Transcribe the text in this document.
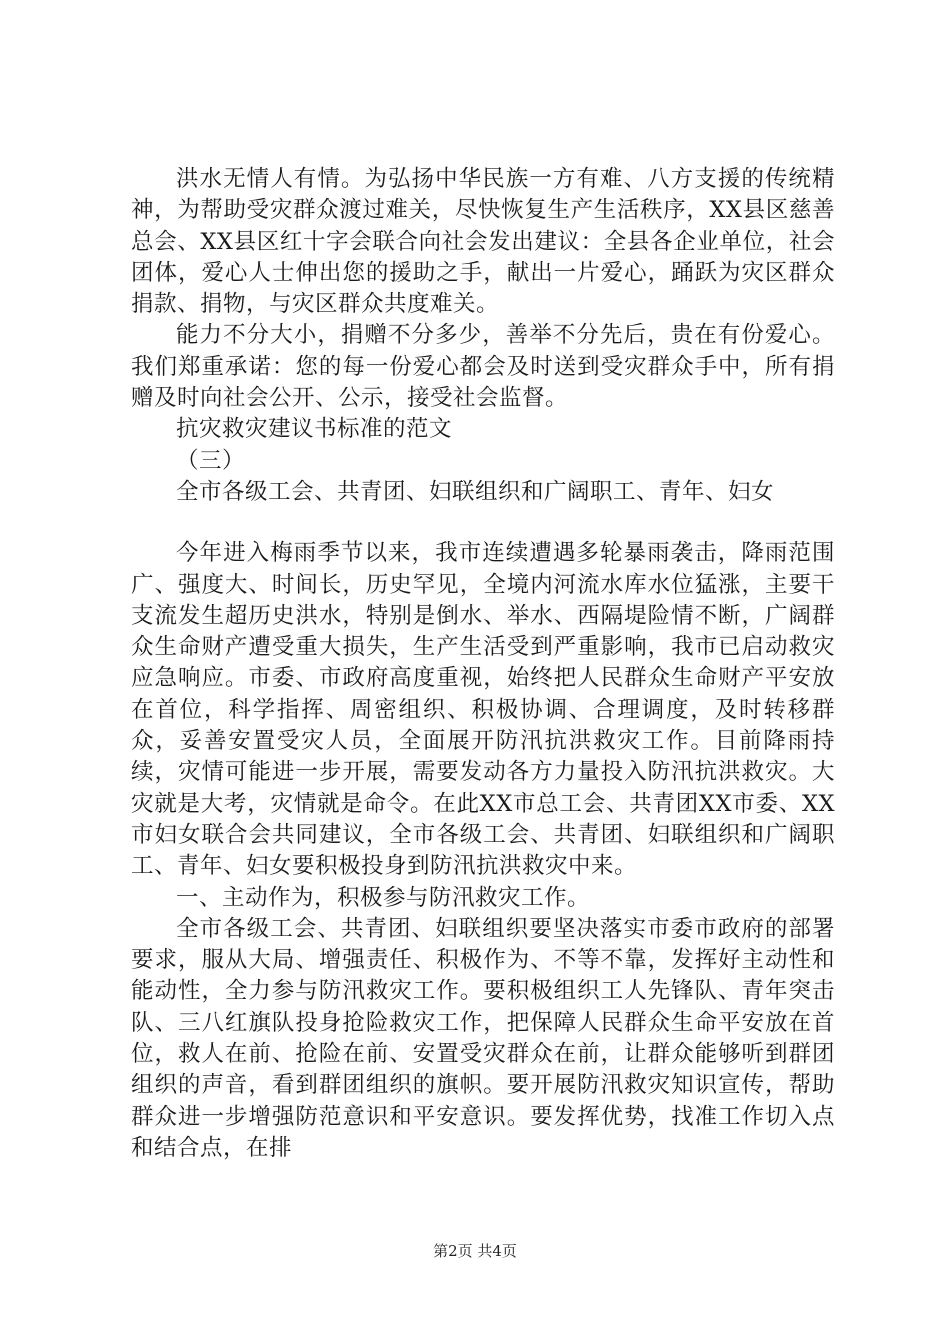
洪水无情人有情。为弘扬中华民族一方有难、八方支援的传统精神，为帮助受灾群众渡过难关，尽快恢复生产生活秩序，XX县区慈善总会、XX县区红十字会联合向社会发出建议：全县各企业单位，社会团体，爱心人士伸出您的援助之手，献出一片爱心，踊跃为灾区群众捐款、捐物，与灾区群众共度难关。

能力不分大小，捐赠不分多少，善举不分先后，贵在有份爱心。我们郑重承诺：您的每一份爱心都会及时送到受灾群众手中，所有捐赠及时向社会公开、公示，接受社会监督。

抗灾救灾建议书标准的范文

（三）

全市各级工会、共青团、妇联组织和广阔职工、青年、妇女

今年进入梅雨季节以来，我市连续遭遇多轮暴雨袭击，降雨范围广、强度大、时间长，历史罕见，全境内河流水库水位猛涨，主要干支流发生超历史洪水，特别是倒水、举水、西隔堤险情不断，广阔群众生命财产遭受重大损失，生产生活受到严重影响，我市已启动救灾应急响应。市委、市政府高度重视，始终把人民群众生命财产平安放在首位，科学指挥、周密组织、积极协调、合理调度，及时转移群众，妥善安置受灾人员，全面展开防汛抗洪救灾工作。目前降雨持续，灾情可能进一步开展，需要发动各方力量投入防汛抗洪救灾。大灾就是大考，灾情就是命令。在此XX市总工会、共青团XX市委、XX市妇女联合会共同建议，全市各级工会、共青团、妇联组织和广阔职工、青年、妇女要积极投身到防汛抗洪救灾中来。

一、主动作为，积极参与防汛救灾工作。

全市各级工会、共青团、妇联组织要坚决落实市委市政府的部署要求，服从大局、增强责任、积极作为、不等不靠，发挥好主动性和能动性，全力参与防汛救灾工作。要积极组织工人先锋队、青年突击队、三八红旗队投身抢险救灾工作，把保障人民群众生命平安放在首位，救人在前、抢险在前、安置受灾群众在前，让群众能够听到群团组织的声音，看到群团组织的旗帜。要开展防汛救灾知识宣传，帮助群众进一步增强防范意识和平安意识。要发挥优势，找准工作切入点和结合点，在排

第2页 共4页
